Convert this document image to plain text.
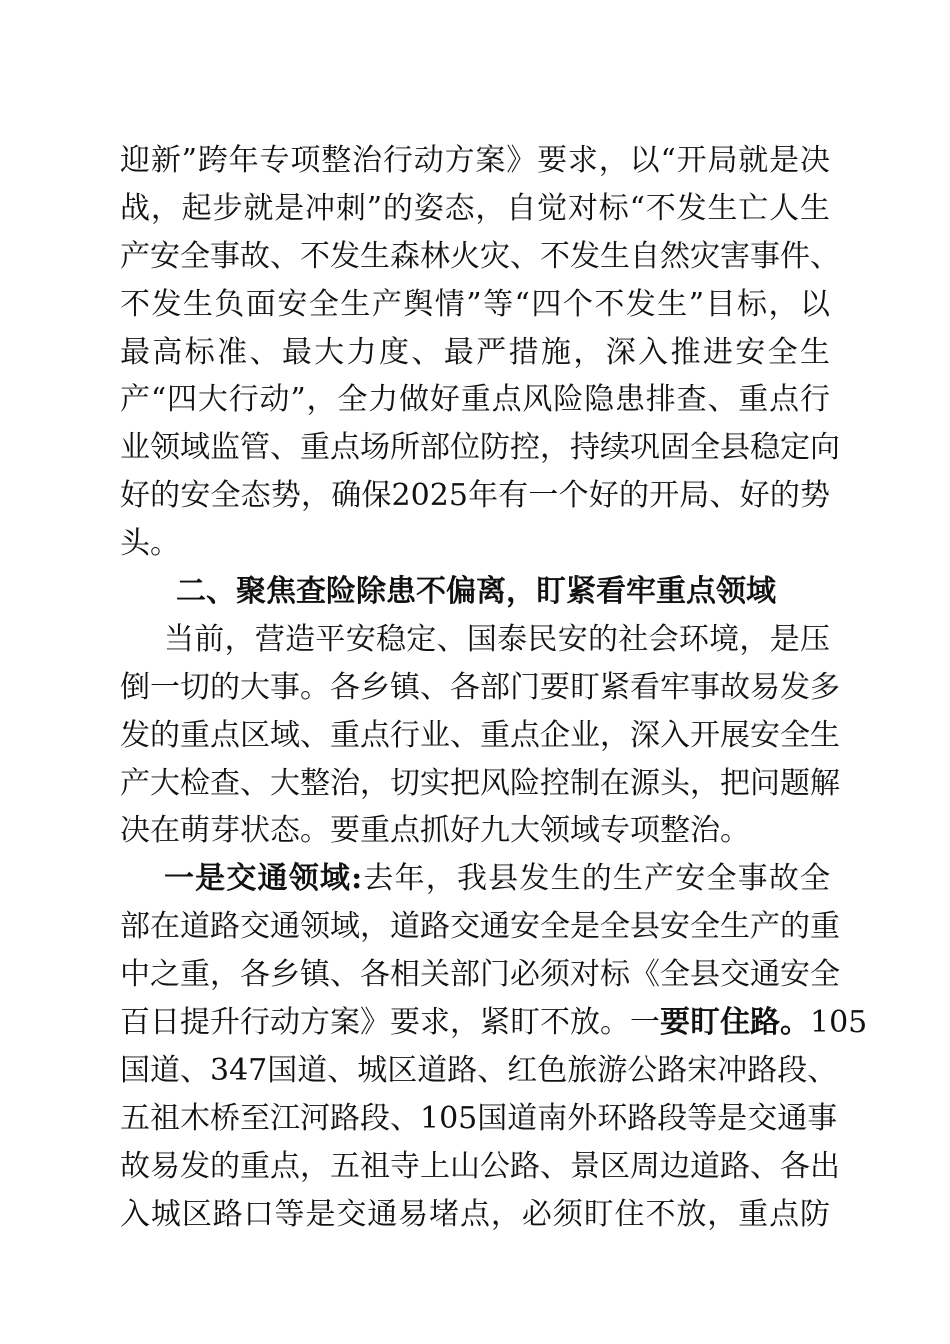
迎新”跨年专项整治行动方案》要求，以“开局就是决
战，起步就是冲刺”的姿态，自觉对标“不发生亡人生
产安全事故、不发生森林火灾、不发生自然灾害事件、
不发生负面安全生产舆情”等“四个不发生”目标，以
最高标准、最大力度、最严措施，深入推进安全生
产“四大行动”，全力做好重点风险隐患排查、重点行
业领域监管、重点场所部位防控，持续巩固全县稳定向
好的安全态势，确保2025年有一个好的开局、好的势
头。
二、聚焦查险除患不偏离，盯紧看牢重点领域
当前，营造平安稳定、国泰民安的社会环境，是压
倒一切的大事。各乡镇、各部门要盯紧看牢事故易发多
发的重点区域、重点行业、重点企业，深入开展安全生
产大检查、大整治，切实把风险控制在源头，把问题解
决在萌芽状态。要重点抓好九大领域专项整治。
一是交通领域:去年，我县发生的生产安全事故全
部在道路交通领域，道路交通安全是全县安全生产的重
中之重，各乡镇、各相关部门必须对标《全县交通安全
百日提升行动方案》要求，紧盯不放。一要盯住路。105
国道、347国道、城区道路、红色旅游公路宋冲路段、
五祖木桥至江河路段、105国道南外环路段等是交通事
故易发的重点，五祖寺上山公路、景区周边道路、各出
入城区路口等是交通易堵点，必须盯住不放，重点防
